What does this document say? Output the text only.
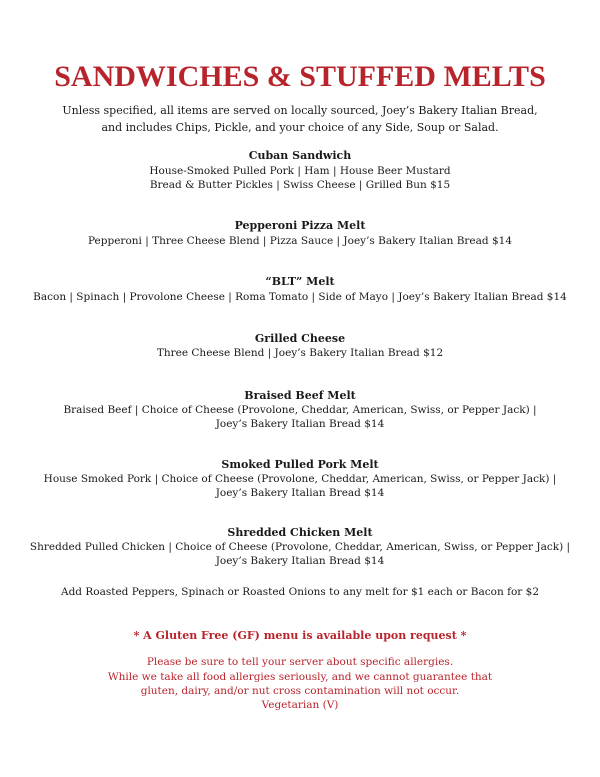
SANDWICHES & STUFFED MELTS
Unless specified, all items are served on locally sourced, Joey’s Bakery Italian Bread,
and includes Chips, Pickle, and your choice of any Side, Soup or Salad.
Cuban Sandwich
House-Smoked Pulled Pork | Ham | House Beer Mustard
Bread & Butter Pickles | Swiss Cheese | Grilled Bun $15
Pepperoni Pizza Melt
Pepperoni | Three Cheese Blend | Pizza Sauce | Joey’s Bakery Italian Bread $14
“BLT” Melt
Bacon | Spinach | Provolone Cheese | Roma Tomato | Side of Mayo | Joey’s Bakery Italian Bread $14
Grilled Cheese
Three Cheese Blend | Joey’s Bakery Italian Bread $12
Braised Beef Melt
Braised Beef | Choice of Cheese (Provolone, Cheddar, American, Swiss, or Pepper Jack) |
Joey’s Bakery Italian Bread $14
Smoked Pulled Pork Melt
House Smoked Pork | Choice of Cheese (Provolone, Cheddar, American, Swiss, or Pepper Jack) |
Joey’s Bakery Italian Bread $14
Shredded Chicken Melt
Shredded Pulled Chicken | Choice of Cheese (Provolone, Cheddar, American, Swiss, or Pepper Jack) |
Joey’s Bakery Italian Bread $14
Add Roasted Peppers, Spinach or Roasted Onions to any melt for $1 each or Bacon for $2
* A Gluten Free (GF) menu is available upon request *
Please be sure to tell your server about specific allergies.
While we take all food allergies seriously, and we cannot guarantee that
gluten, dairy, and/or nut cross contamination will not occur.
Vegetarian (V)
